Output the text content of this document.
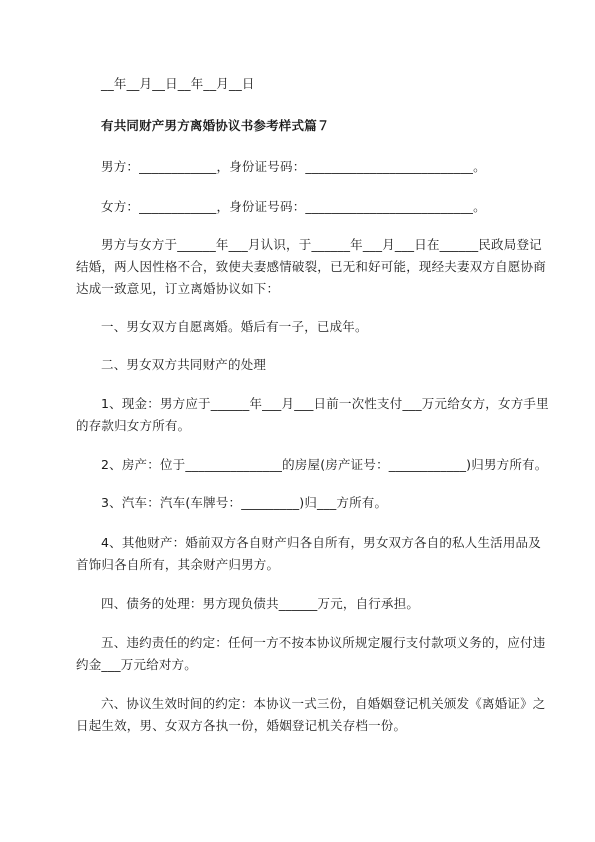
__年__月__日__年__月__日
有共同财产男方离婚协议书参考样式篇７
男方：____________，身份证号码：__________________________。
女方：____________，身份证号码：__________________________。
男方与女方于______年___月认识，于______年___月___日在______民政局登记
结婚，两人因性格不合，致使夫妻感情破裂，已无和好可能，现经夫妻双方自愿协商
达成一致意见，订立离婚协议如下：
一、男女双方自愿离婚。婚后有一子，已成年。
二、男女双方共同财产的处理
1、现金：男方应于______年___月___日前一次性支付___万元给女方，女方手里
的存款归女方所有。
2、房产：位于_______________的房屋(房产证号：____________)归男方所有。
3、汽车：汽车(车牌号：_________)归___方所有。
4、其他财产：婚前双方各自财产归各自所有，男女双方各自的私人生活用品及
首饰归各自所有，其余财产归男方。
四、债务的处理：男方现负债共______万元，自行承担。
五、违约责任的约定：任何一方不按本协议所规定履行支付款项义务的，应付违
约金___万元给对方。
六、协议生效时间的约定：本协议一式三份，自婚姻登记机关颁发《离婚证》之
日起生效，男、女双方各执一份，婚姻登记机关存档一份。
